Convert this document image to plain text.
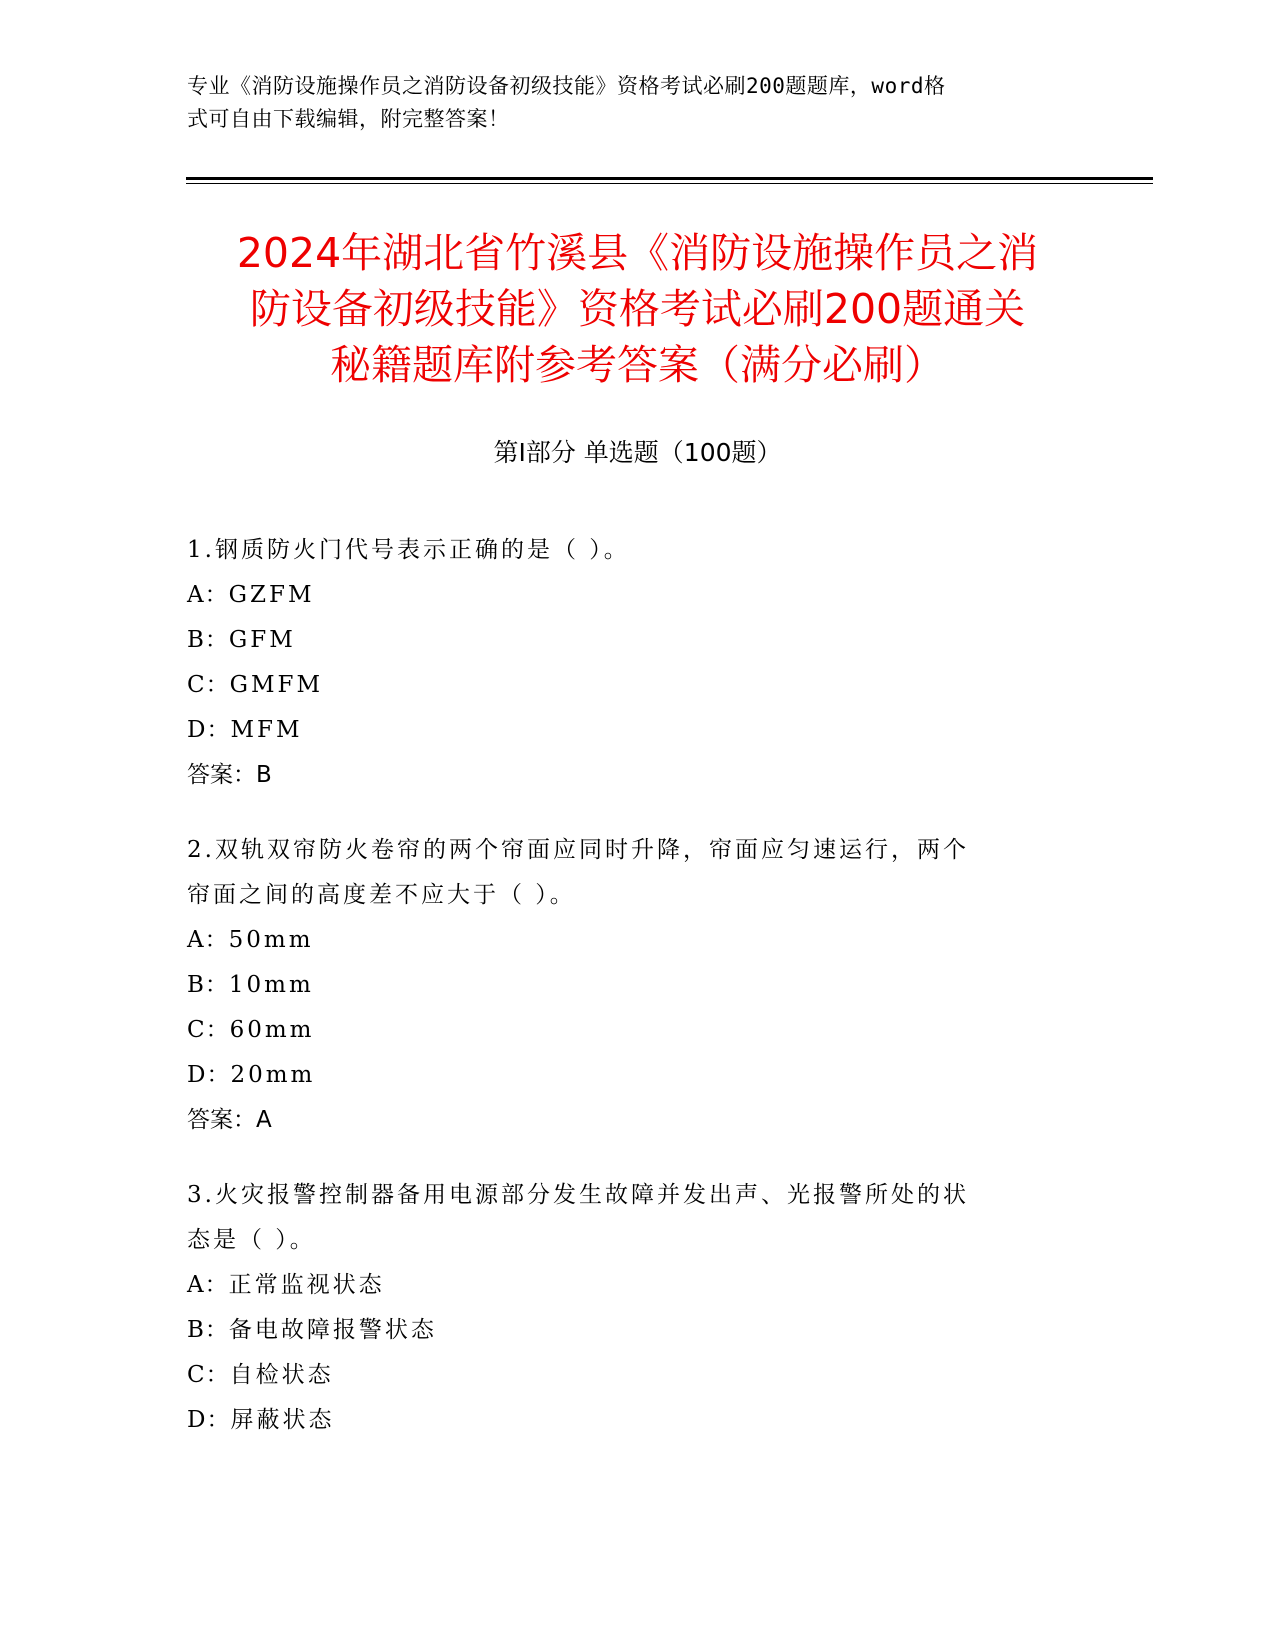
专业《消防设施操作员之消防设备初级技能》资格考试必刷200题题库，word格
式可自由下载编辑，附完整答案！
2024年湖北省竹溪县《消防设施操作员之消
防设备初级技能》资格考试必刷200题通关
秘籍题库附参考答案（满分必刷）
第Ⅰ部分 单选题（100题）
1.钢质防火门代号表示正确的是（ ）。
A：GZFM
B：GFM
C：GMFM
D：MFM
答案：B
2.双轨双帘防火卷帘的两个帘面应同时升降，帘面应匀速运行，两个
帘面之间的高度差不应大于（ ）。
A：50mm
B：10mm
C：60mm
D：20mm
答案：A
3.火灾报警控制器备用电源部分发生故障并发出声、光报警所处的状
态是（ ）。
A：正常监视状态
B：备电故障报警状态
C：自检状态
D：屏蔽状态
